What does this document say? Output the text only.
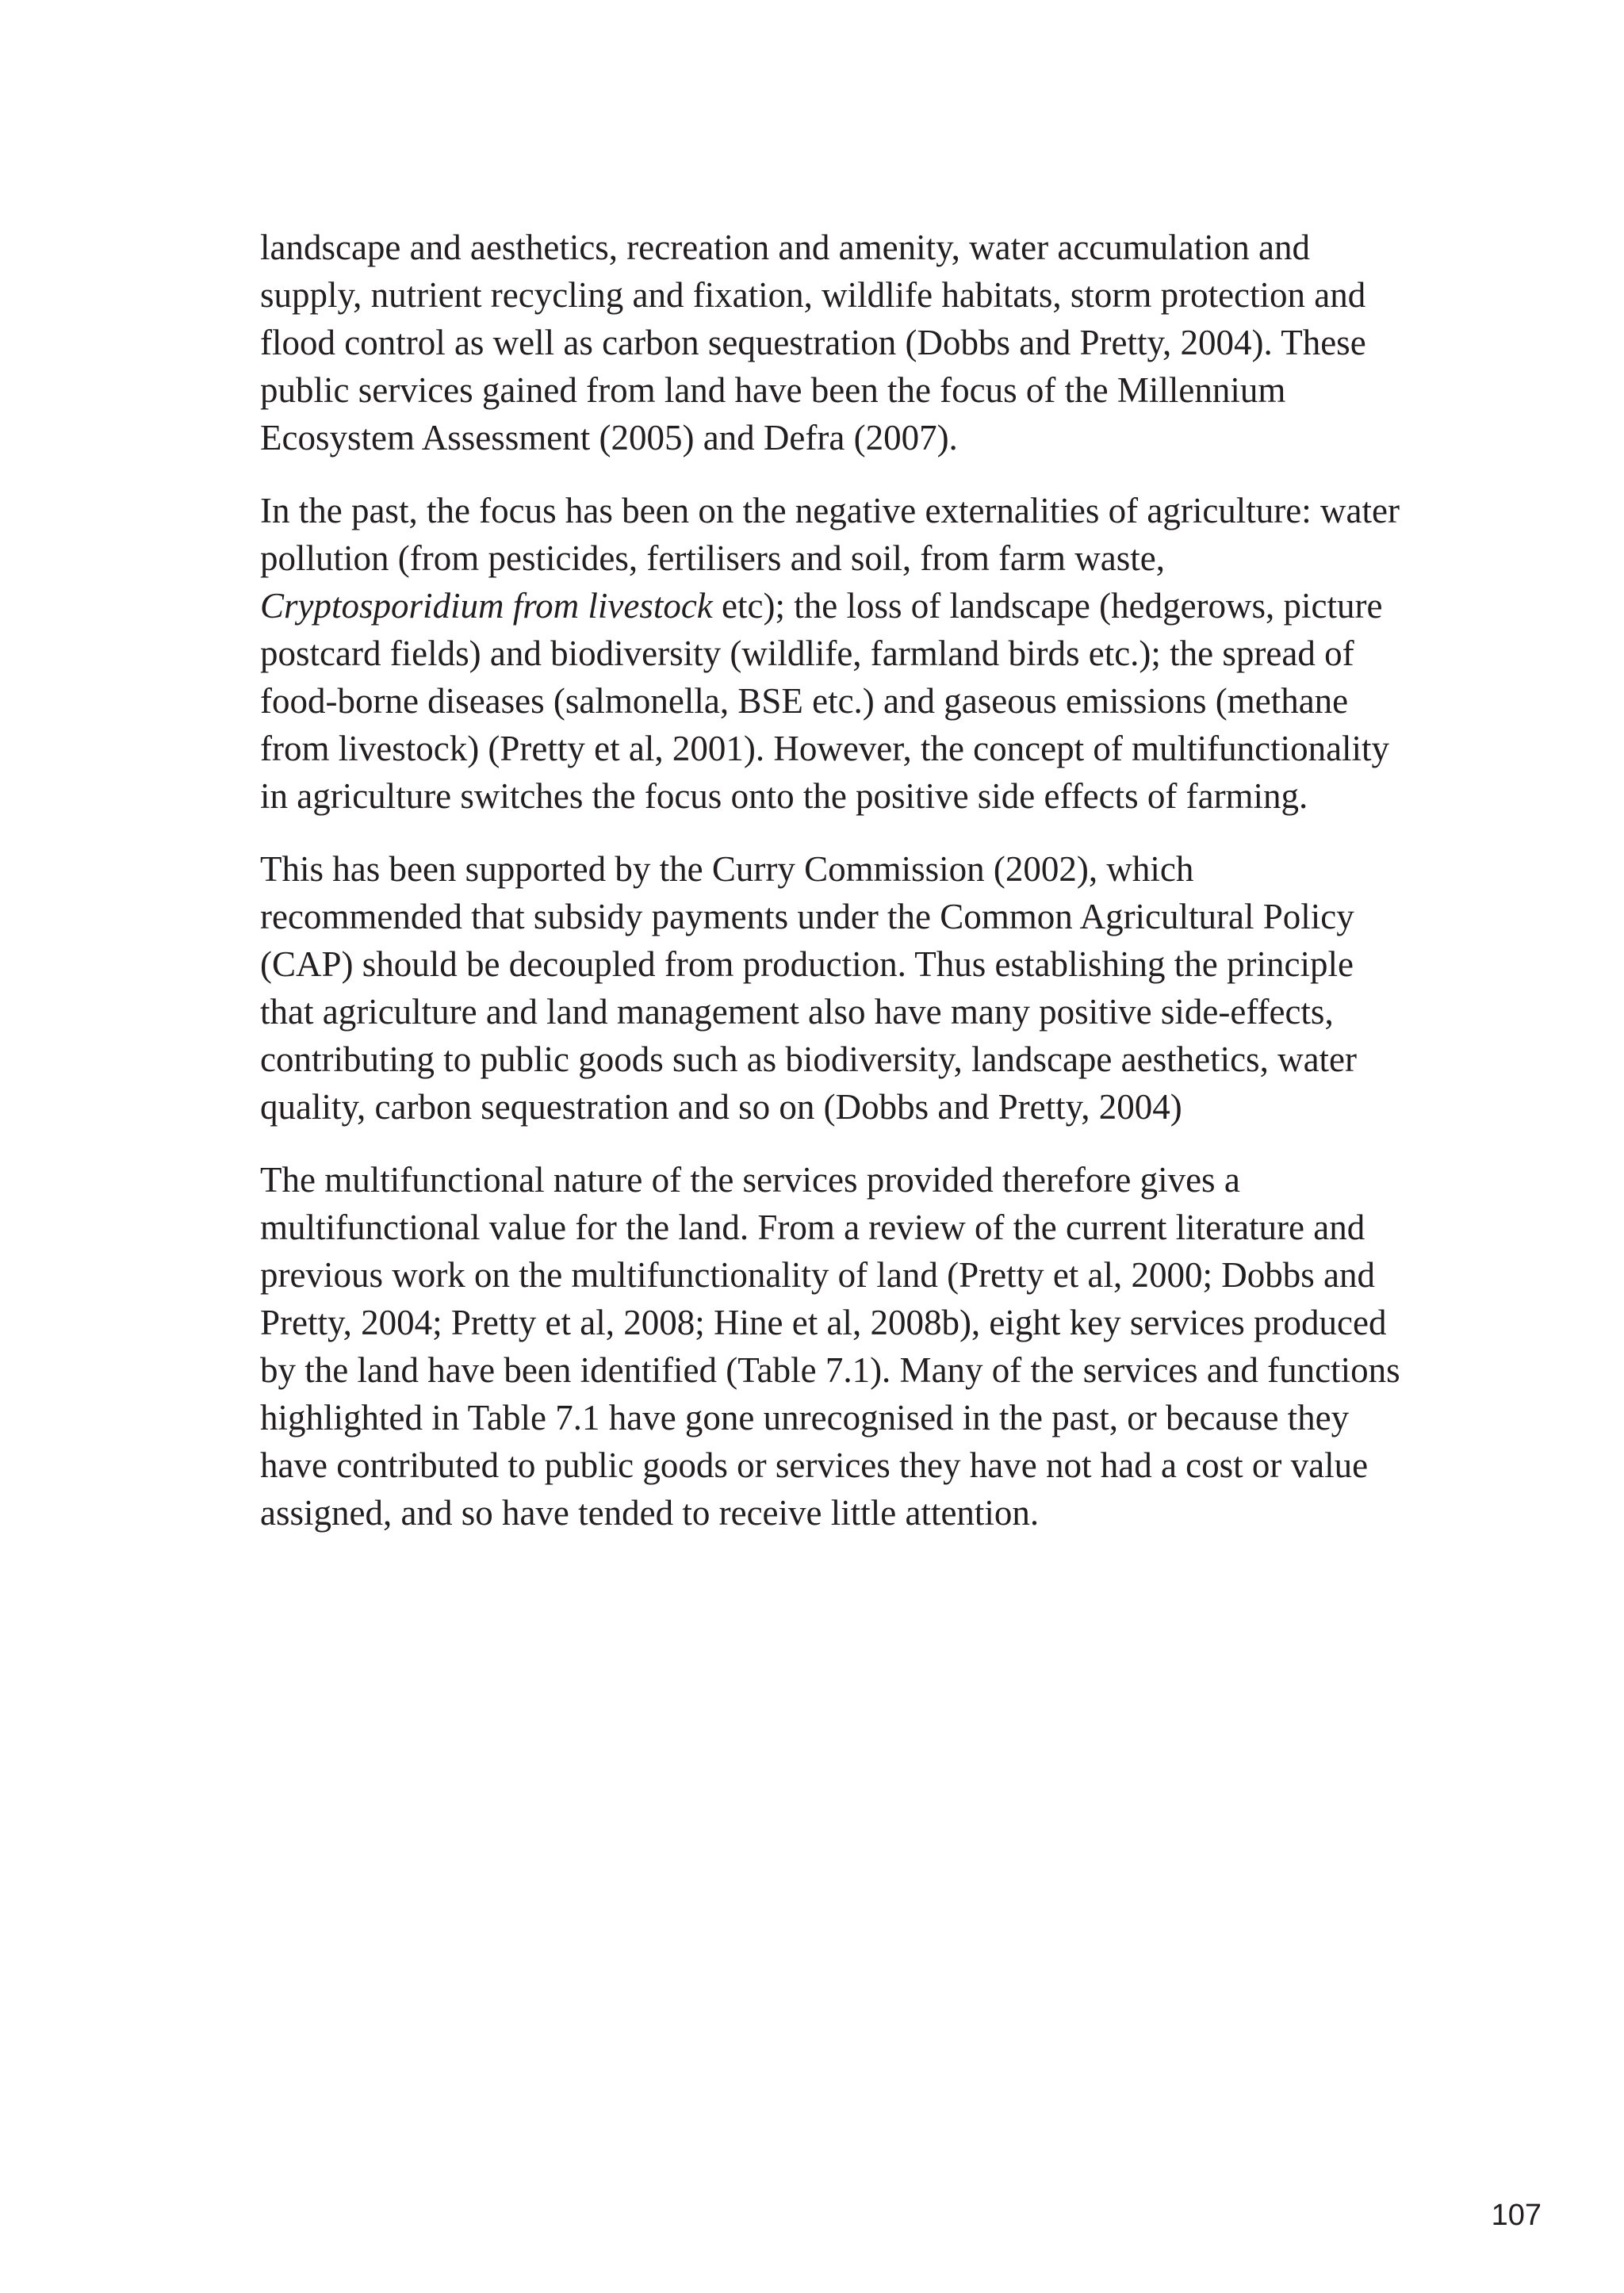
landscape and aesthetics, recreation and amenity, water accumulation and supply, nutrient recycling and fixation, wildlife habitats, storm protection and flood control as well as carbon sequestration (Dobbs and Pretty, 2004). These public services gained from land have been the focus of the Millennium Ecosystem Assessment (2005) and Defra (2007).

In the past, the focus has been on the negative externalities of agriculture: water pollution (from pesticides, fertilisers and soil, from farm waste, Cryptosporidium from livestock etc); the loss of landscape (hedgerows, picture postcard fields) and biodiversity (wildlife, farmland birds etc.); the spread of food-borne diseases (salmonella, BSE etc.) and gaseous emissions (methane from livestock) (Pretty et al, 2001). However, the concept of multifunctionality in agriculture switches the focus onto the positive side effects of farming.

This has been supported by the Curry Commission (2002), which recommended that subsidy payments under the Common Agricultural Policy (CAP) should be decoupled from production. Thus establishing the principle that agriculture and land management also have many positive side-effects, contributing to public goods such as biodiversity, landscape aesthetics, water quality, carbon sequestration and so on (Dobbs and Pretty, 2004)

The multifunctional nature of the services provided therefore gives a multifunctional value for the land. From a review of the current literature and previous work on the multifunctionality of land (Pretty et al, 2000; Dobbs and Pretty, 2004; Pretty et al, 2008; Hine et al, 2008b), eight key services produced by the land have been identified (Table 7.1). Many of the services and functions highlighted in Table 7.1 have gone unrecognised in the past, or because they have contributed to public goods or services they have not had a cost or value assigned, and so have tended to receive little attention.

107
